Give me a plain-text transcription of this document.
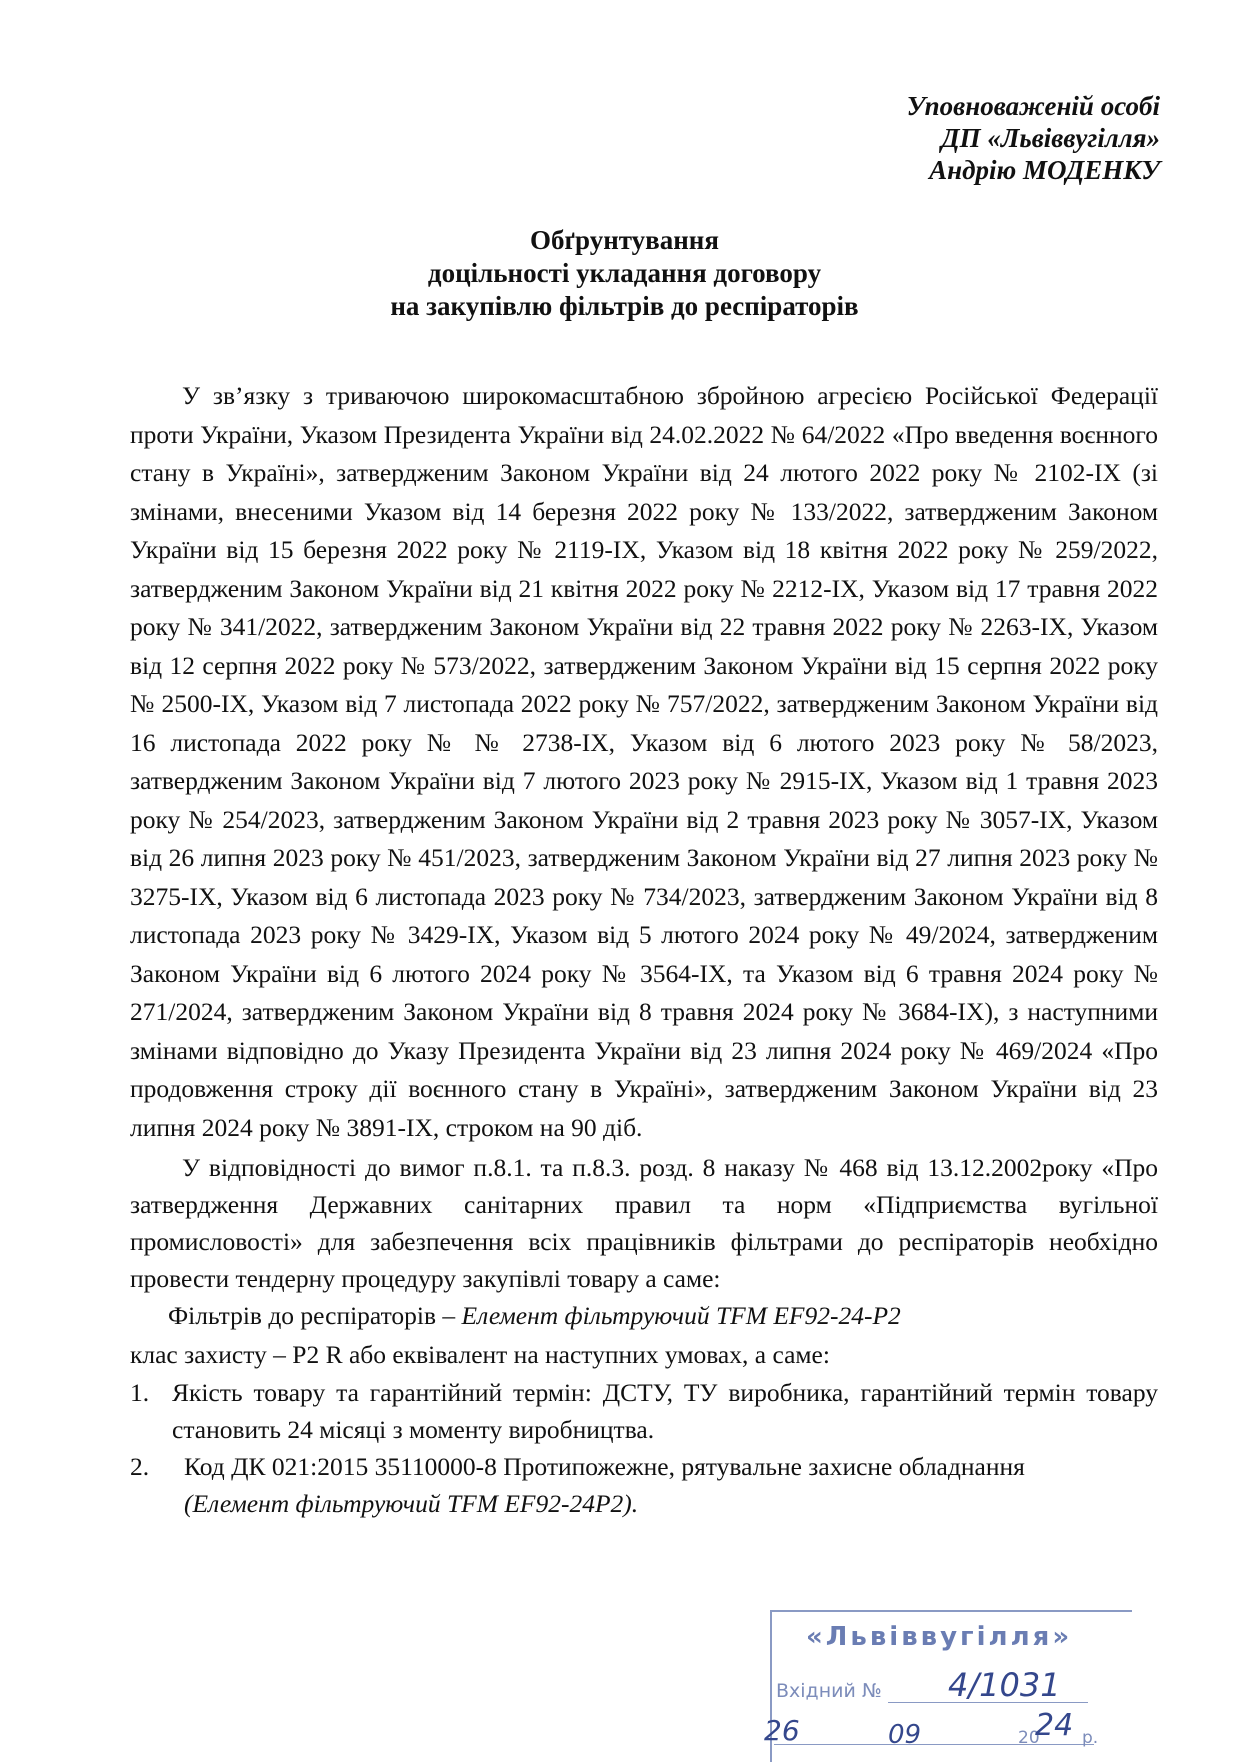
Уповноваженій особі
ДП «Львіввугілля»
Андрію МОДЕНКУ
Обґрунтування
доцільності укладання договору
на закупівлю фільтрів до респіраторів

У зв’язку з триваючою широкомасштабною збройною агресією Російської Федерації проти України, Указом Президента України від 24.02.2022 № 64/2022 «Про введення воєнного стану в Україні», затвердженим Законом України від 24 лютого 2022 року № 2102-IX (зі змінами, внесеними Указом від 14 березня 2022 року № 133/2022, затвердженим Законом України від 15 березня 2022 року № 2119-IX, Указом від 18 квітня 2022 року № 259/2022, затвердженим Законом України від 21 квітня 2022 року № 2212-IX, Указом від 17 травня 2022 року № 341/2022, затвердженим Законом України від 22 травня 2022 року № 2263-IX, Указом від 12 серпня 2022 року № 573/2022, затвердженим Законом України від 15 серпня 2022 року № 2500-IX, Указом від 7 листопада 2022 року № 757/2022, затвердженим Законом України від 16 листопада 2022 року № № 2738-IX, Указом від 6 лютого 2023 року № 58/2023, затвердженим Законом України від 7 лютого 2023 року № 2915-IX, Указом від 1 травня 2023 року № 254/2023, затвердженим Законом України від 2 травня 2023 року № 3057-IX, Указом від 26 липня 2023 року № 451/2023, затвердженим Законом України від 27 липня 2023 року № 3275-IX, Указом від 6 листопада 2023 року № 734/2023, затвердженим Законом України від 8 листопада 2023 року № 3429-IX, Указом від 5 лютого 2024 року № 49/2024, затвердженим Законом України від 6 лютого 2024 року № 3564-IX, та Указом від 6 травня 2024 року № 271/2024, затвердженим Законом України від 8 травня 2024 року № 3684-IX), з наступними змінами відповідно до Указу Президента України від 23 липня 2024 року № 469/2024 «Про продовження строку дії воєнного стану в Україні», затвердженим Законом України від 23 липня 2024 року № 3891-IX, строком на 90 діб.

У відповідності до вимог п.8.1. та п.8.3. розд. 8 наказу № 468 від 13.12.2002року «Про затвердження Державних санітарних правил та норм «Підприємства вугільної промисловості» для забезпечення всіх працівників фільтрами до респіраторів необхідно провести тендерну процедуру закупівлі товару а саме:

Фільтрів до респіраторів – Елемент фільтруючий TFM EF92-24-P2
клас захисту – P2 R або еквівалент на наступних умовах, а саме:
1. Якість товару та гарантійний термін: ДСТУ, ТУ виробника, гарантійний термін товару становить 24 місяці з моменту виробництва.
2.	Код ДК 021:2015 35110000-8 Протипожежне, рятувальне захисне обладнання
(Елемент фільтруючий TFM EF92-24P2).
«Львіввугілля»
Вхідний № 4/1031
26	09	20
24 р.
